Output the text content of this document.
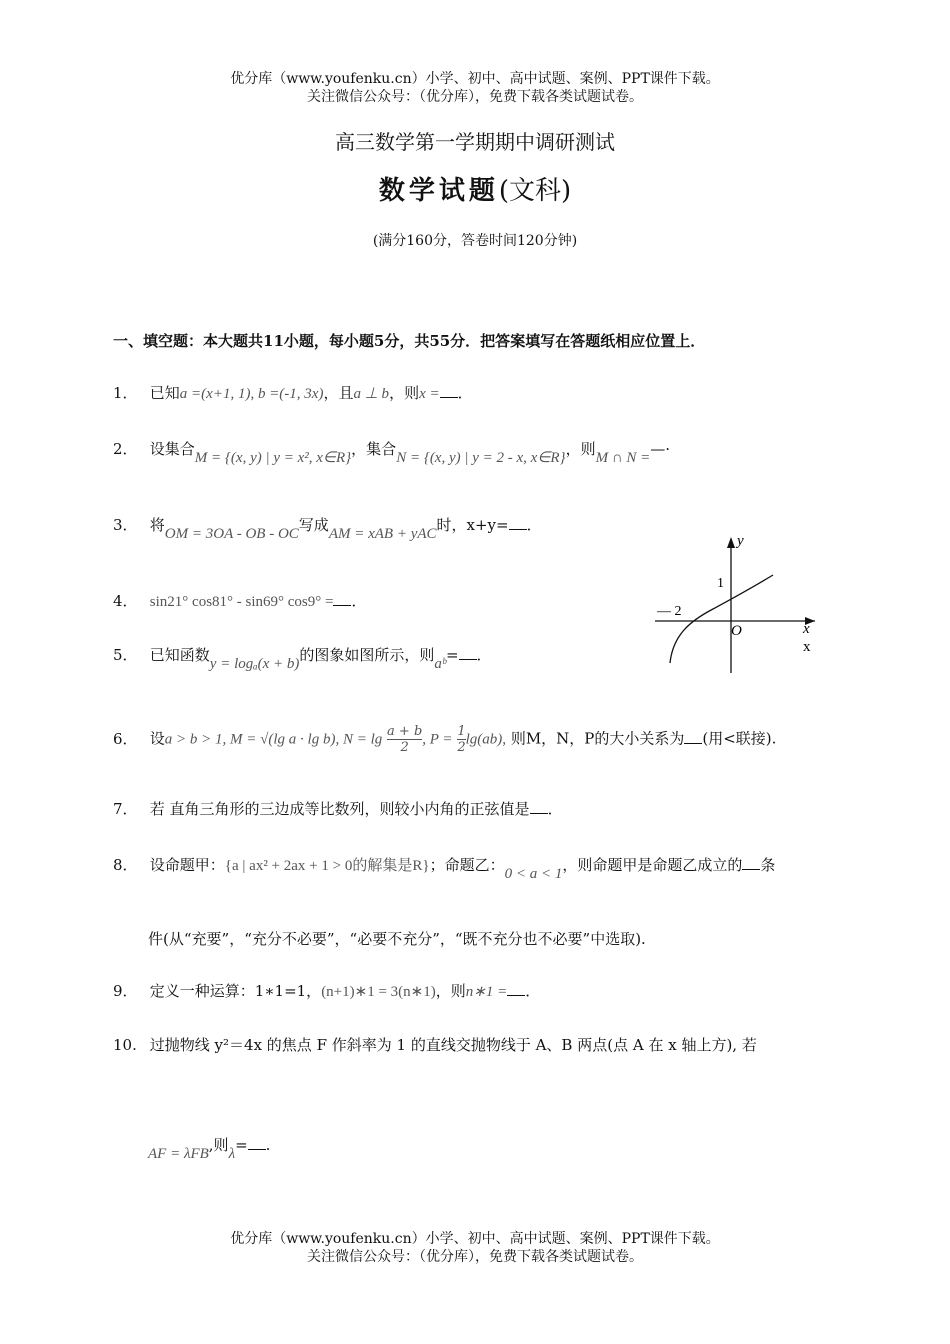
优分库（www.youfenku.cn）小学、初中、高中试题、案例、PPT课件下载。
关注微信公众号：（优分库），免费下载各类试题试卷。
高三数学第一学期期中调研测试
数学试题(文科)
(满分160分，答卷时间120分钟)
一、填空题：本大题共11小题，每小题5分，共55分．把答案填写在答题纸相应位置上．
1． 已知a =(x+1, 1), b =(-1, 3x)，且a ⊥ b，则x = ．
2． 设集合M = {(x, y) | y = x², x∈R}，集合N = {(x, y) | y = 2 - x, x∈R}，则M ∩ N =—·
3． 将OM = 3OA - OB - OC写成AM = xAB + yAC时，x+y= ．
4． sin21° cos81° - sin69° cos9° = ．
5． 已知函数y = logₐ(x + b)的图象如图所示，则aᵇ= ．
y
x
x
O
1
— 2
6． 设a > b > 1, M = √(lg a · lg b), $N = \lg \frac{a + b}{2}$ , $P = \frac{1}{2} \lg(ab)$, 则M，N，P的大小关系为 (用<联接).
7． 若 直角三角形的三边成等比数列，则较小内角的正弦值是 ．
8． 设命题甲：{a | ax² + 2ax + 1 > 0的解集是R}；命题乙：0 < a < 1，则命题甲是命题乙成立的 条
件(从“充要”，“充分不必要”，“必要不充分”，“既不充分也不必要”中选取).
9． 定义一种运算：1∗1=1，(n+1)∗1 = 3(n∗1)，则n∗1 = ．
10. 过抛物线 y²＝4x 的焦点 F 作斜率为 1 的直线交抛物线于 A、B 两点(点 A 在 x 轴上方), 若
AF = λFB,则λ= .
优分库（www.youfenku.cn）小学、初中、高中试题、案例、PPT课件下载。
关注微信公众号：（优分库），免费下载各类试题试卷。
